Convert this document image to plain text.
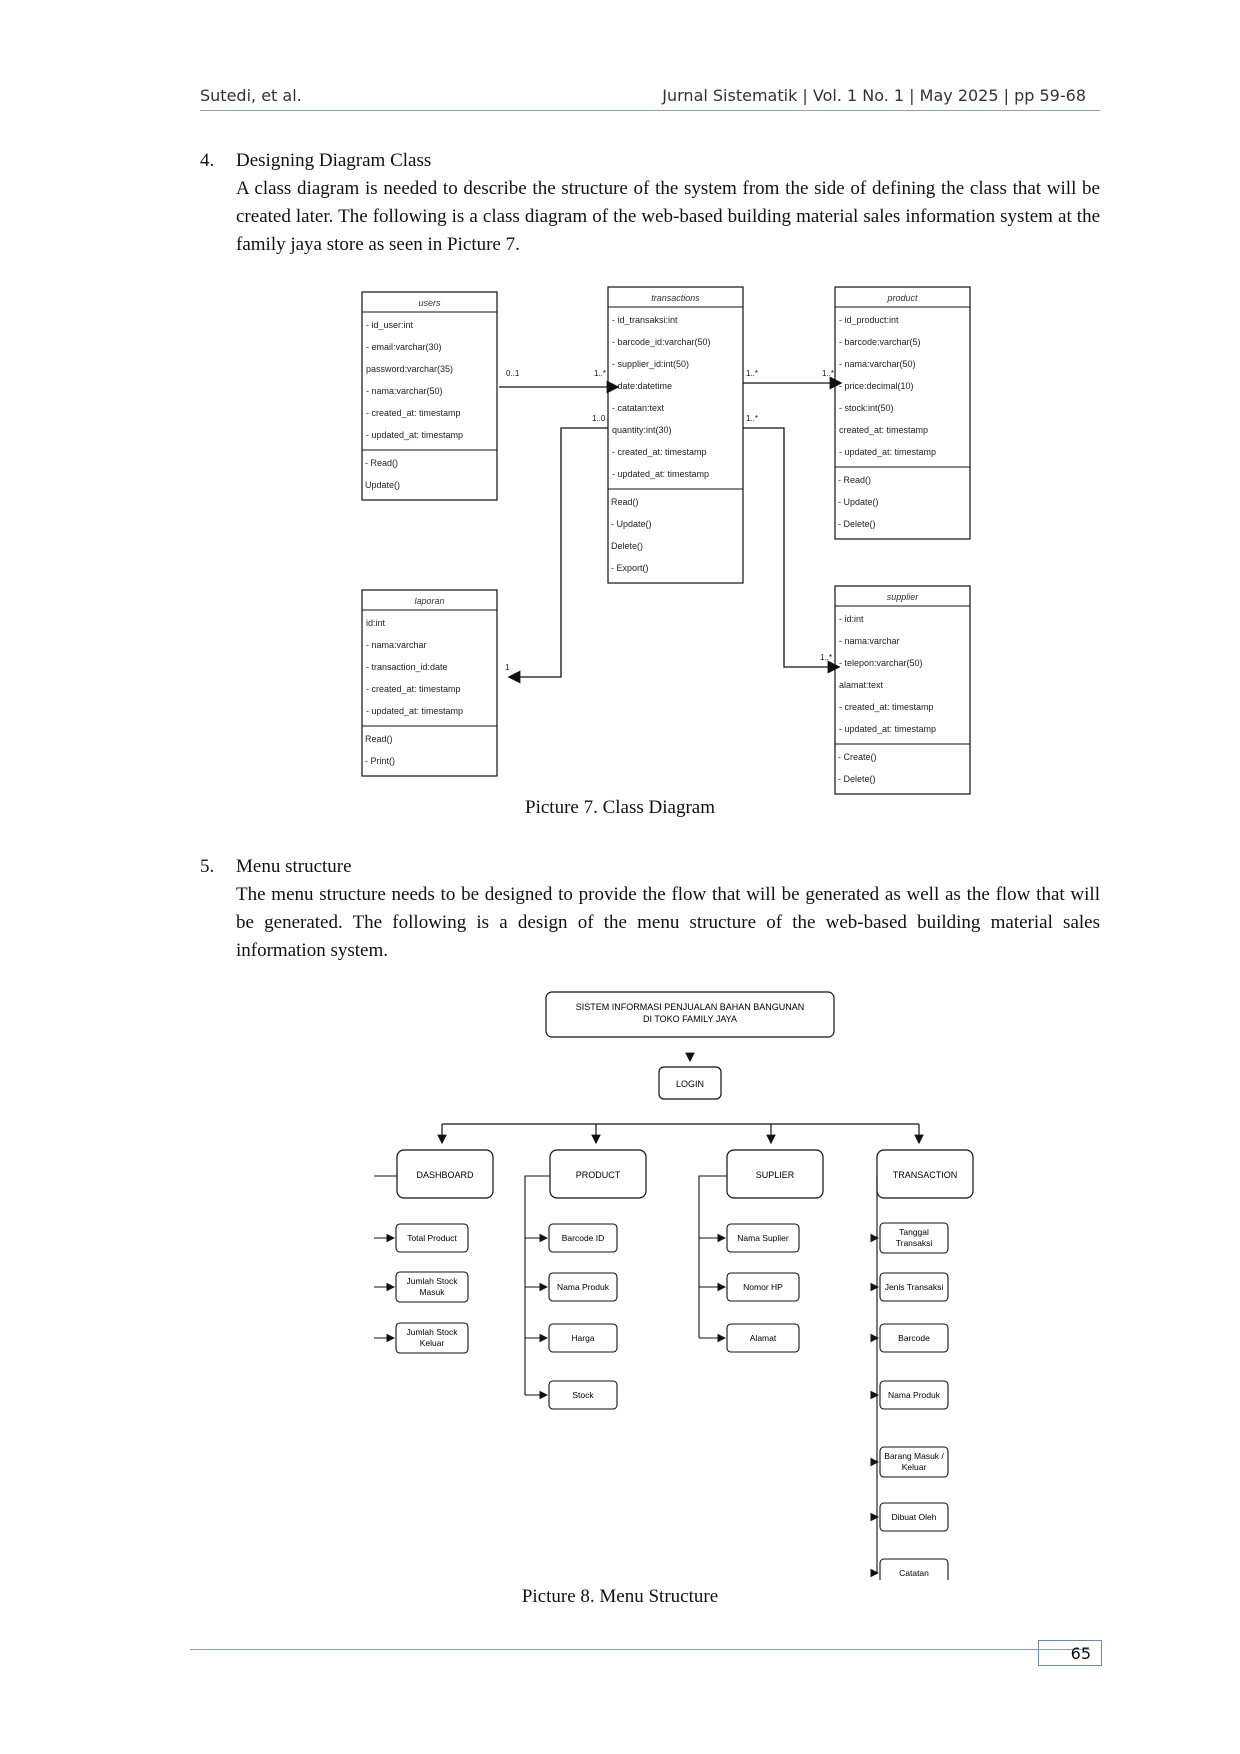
Sutedi, et al.	Jurnal Sistematik | Vol. 1 No. 1 | May 2025 | pp 59-68
4. Designing Diagram Class
A class diagram is needed to describe the structure of the system from the side of defining the class that will be created later. The following is a class diagram of the web-based building material sales information system at the family jaya store as seen in Picture 7.
users
- id_user:int
- email:varchar(30)
password:varchar(35)
- nama:varchar(50)
- created_at: timestamp
- updated_at: timestamp
- Read()
Update()
transactions
- id_transaksi:int
- barcode_id:varchar(50)
- supplier_id:int(50)
- date:datetime
- catatan:text
quantity:int(30)
- created_at: timestamp
- updated_at: timestamp
Read()
- Update()
Delete()
- Export()
product
- id_product:int
- barcode:varchar(5)
- nama:varchar(50)
- price:decimal(10)
- stock:int(50)
created_at: timestamp
- updated_at: timestamp
- Read()
- Update()
- Delete()
laporan
id:int
- nama:varchar
- transaction_id:date
- created_at: timestamp
- updated_at: timestamp
Read()
- Print()
supplier
- id:int
- nama:varchar
- telepon:varchar(50)
alamat:text
- created_at: timestamp
- updated_at: timestamp
- Create()
- Delete()
0..1	1..*	1..*	1..*
1..0
1
1..*
1..*
Picture 7. Class Diagram
5. Menu structure
The menu structure needs to be designed to provide the flow that will be generated as well as the flow that will be generated. The following is a design of the menu structure of the web-based building material sales information system.
SISTEM INFORMASI PENJUALAN BAHAN BANGUNAN
DI TOKO FAMILY JAYA
LOGIN
DASHBOARD
Total Product
Jumlah Stock
Masuk
Jumlah Stock
Keluar
PRODUCT
Barcode ID
Nama Produk
Harga
Stock
SUPLIER
Nama Suplier
Nomor HP
Alamat
TRANSACTION
Tanggal
Transaksi
Jenis Transaksi
Barcode
Nama Produk
Barang Masuk /
Keluar
Dibuat Oleh
Catatan
Picture 8. Menu Structure
65
